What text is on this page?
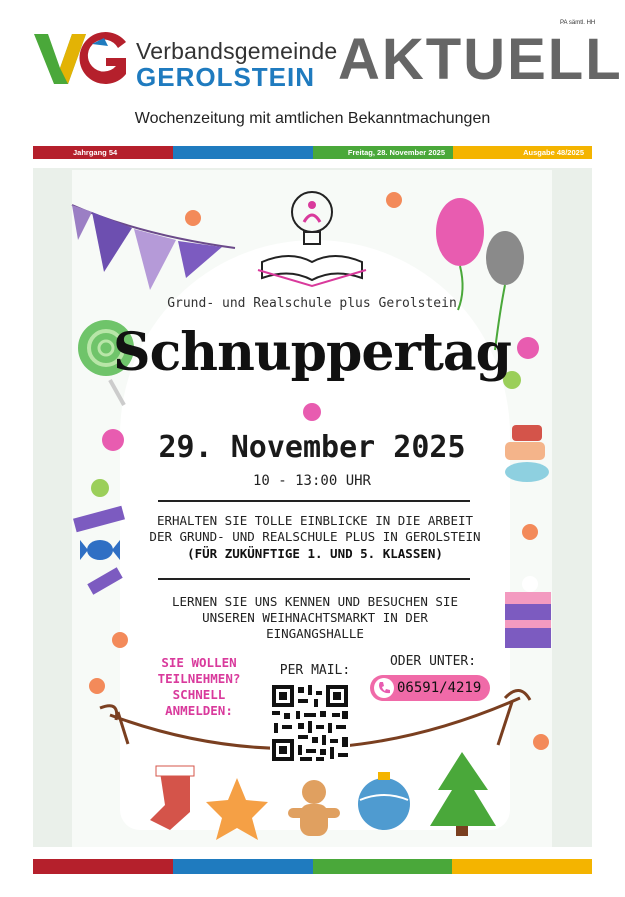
PA sämtl. HH
Verbandsgemeinde
GEROLSTEIN AKTUELL
Wochenzeitung mit amtlichen Bekanntmachungen
Jahrgang 54	Freitag, 28. November 2025	Ausgabe 48/2025
Grund- und Realschule plus Gerolstein
Schnuppertag
29. November 2025
10 - 13:00 UHR
ERHALTEN SIE TOLLE EINBLICKE IN DIE ARBEIT
DER GRUND- UND REALSCHULE PLUS IN GEROLSTEIN
(FÜR ZUKÜNFTIGE 1. UND 5. KLASSEN)
LERNEN SIE UNS KENNEN UND BESUCHEN SIE
UNSEREN WEIHNACHTSMARKT IN DER
EINGANGSHALLE
SIE WOLLEN
TEILNEHMEN?
SCHNELL
ANMELDEN:
PER MAIL:
ODER UNTER:
06591/4219
